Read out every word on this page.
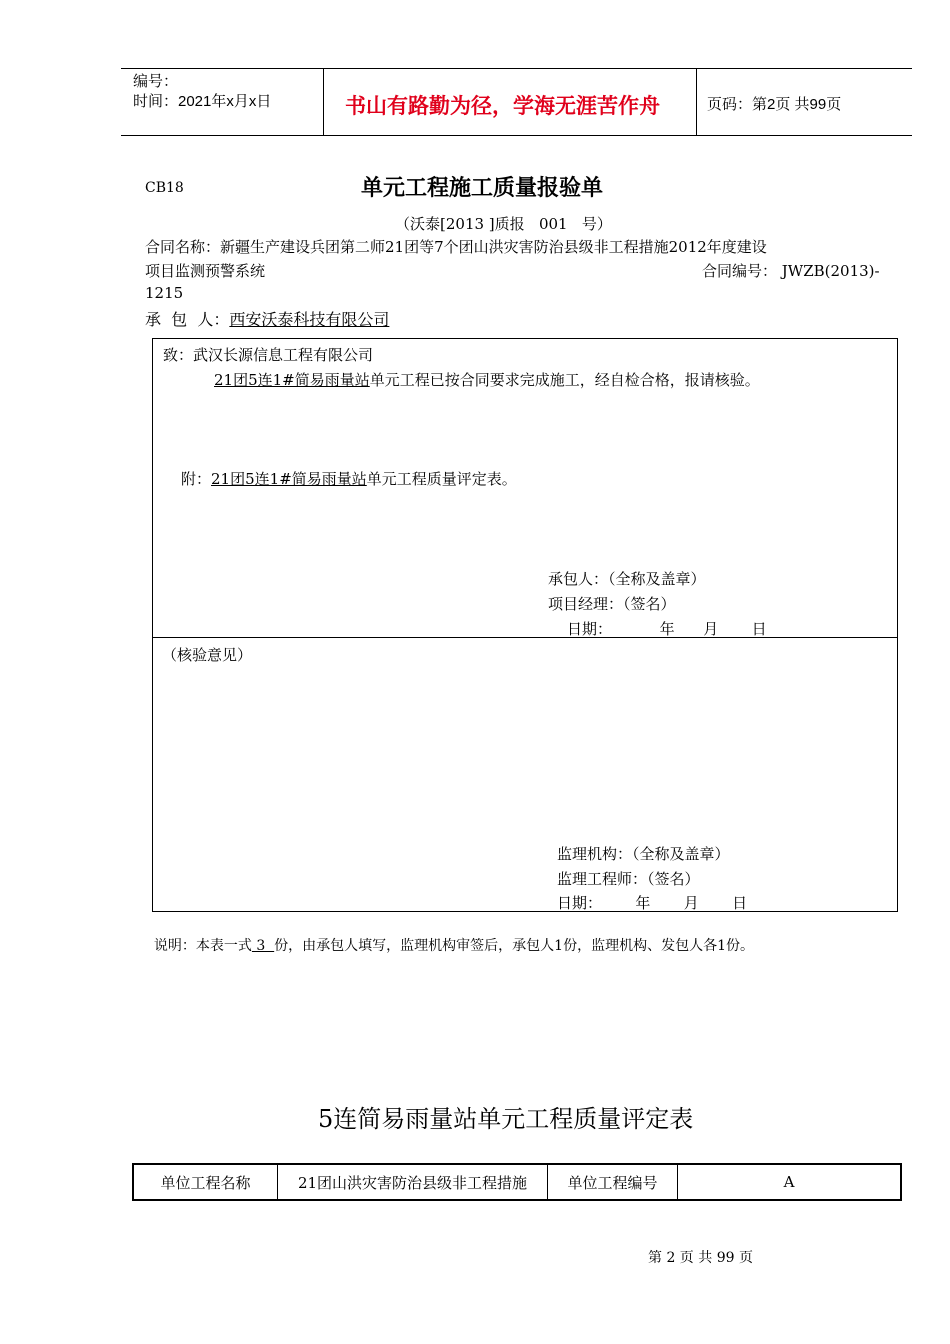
编号：
时间：2021年x月x日	书山有路勤为径，学海无涯苦作舟	页码：第2页 共99页
CB18	单元工程施工质量报验单
（沃泰[2013 ]质报   001   号）
合同名称：新疆生产建设兵团第二师21团等7个团山洪灾害防治县级非工程措施2012年度建设
项目监测预警系统	合同编号： JWZB(2013)-
1215
承  包  人：西安沃泰科技有限公司
致：武汉长源信息工程有限公司
21团5连1#简易雨量站单元工程已按合同要求完成施工，经自检合格，报请核验。
附：21团5连1#简易雨量站单元工程质量评定表。
承包人：（全称及盖章）
项目经理：（签名）
日期：          年      月       日
（核验意见）
监理机构：（全称及盖章）
监理工程师：（签名）
日期：       年       月       日

说明：本表一式 3  份，由承包人填写，监理机构审签后，承包人1份，监理机构、发包人各1份。

5连简易雨量站单元工程质量评定表
单位工程名称	21团山洪灾害防治县级非工程措施	单位工程编号	A
第 2 页 共 99 页
